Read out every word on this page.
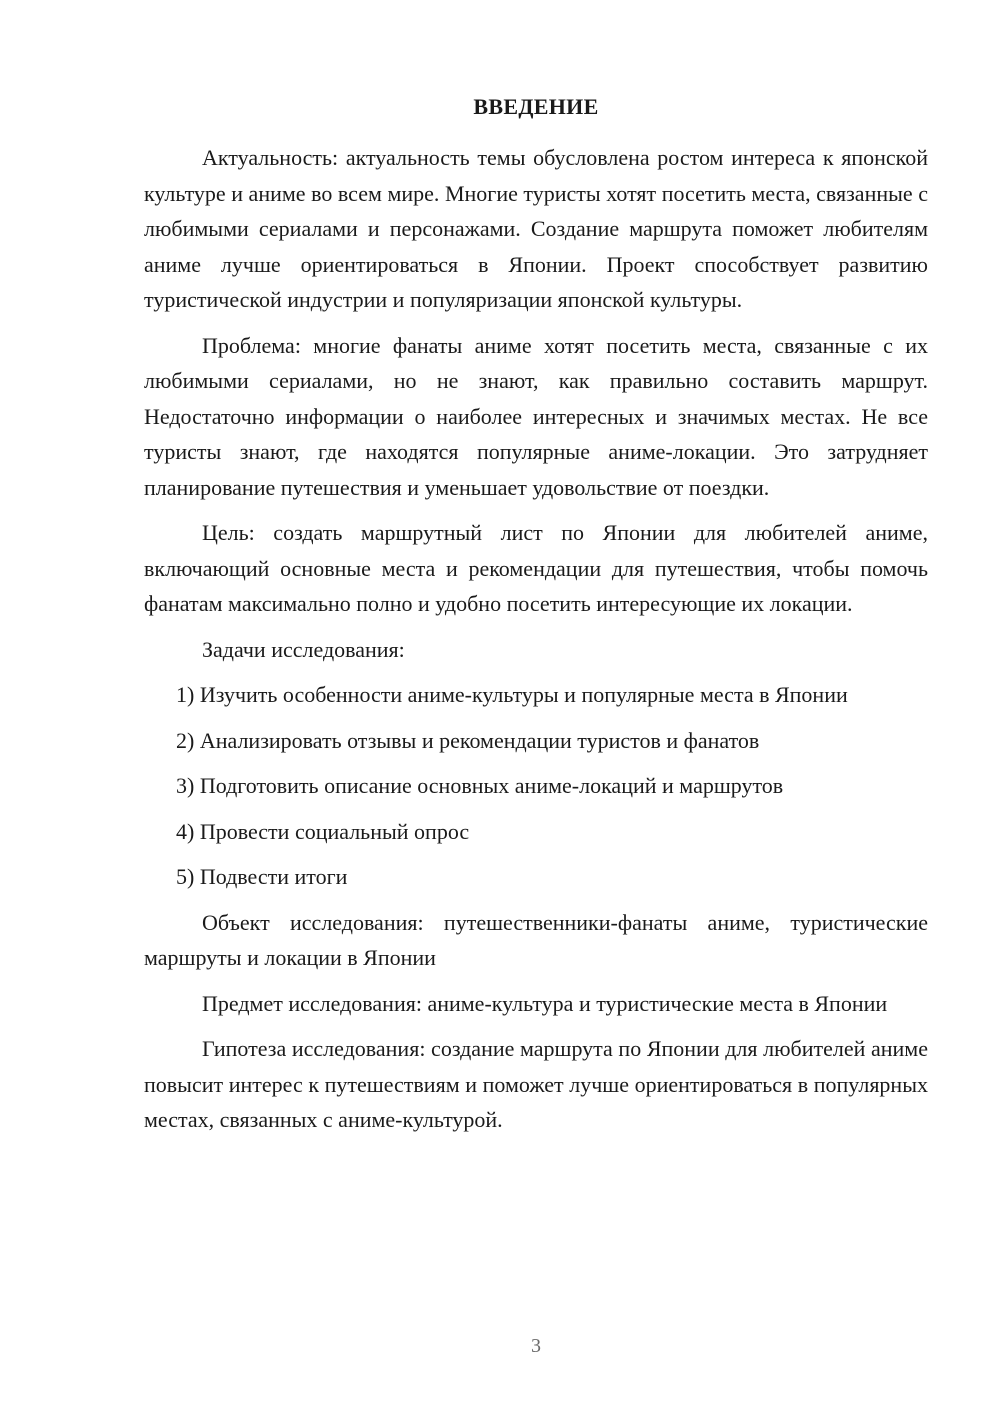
ВВЕДЕНИЕ

Актуальность: актуальность темы обусловлена ростом интереса к японской культуре и аниме во всем мире. Многие туристы хотят посетить места, связанные с любимыми сериалами и персонажами. Создание маршрута поможет любителям аниме лучше ориентироваться в Японии. Проект способствует развитию туристической индустрии и популяризации японской культуры.

Проблема: многие фанаты аниме хотят посетить места, связанные с их любимыми сериалами, но не знают, как правильно составить маршрут. Недостаточно информации о наиболее интересных и значимых местах. Не все туристы знают, где находятся популярные аниме-локации. Это затрудняет планирование путешествия и уменьшает удовольствие от поездки.

Цель: создать маршрутный лист по Японии для любителей аниме, включающий основные места и рекомендации для путешествия, чтобы помочь фанатам максимально полно и удобно посетить интересующие их локации.

Задачи исследования:

1) Изучить особенности аниме-культуры и популярные места в Японии

2) Анализировать отзывы и рекомендации туристов и фанатов

3) Подготовить описание основных аниме-локаций и маршрутов

4) Провести социальный опрос

5) Подвести итоги

Объект исследования: путешественники-фанаты аниме, туристические маршруты и локации в Японии

Предмет исследования: аниме-культура и туристические места в Японии

Гипотеза исследования: создание маршрута по Японии для любителей аниме повысит интерес к путешествиям и поможет лучше ориентироваться в популярных местах, связанных с аниме-культурой.

3
